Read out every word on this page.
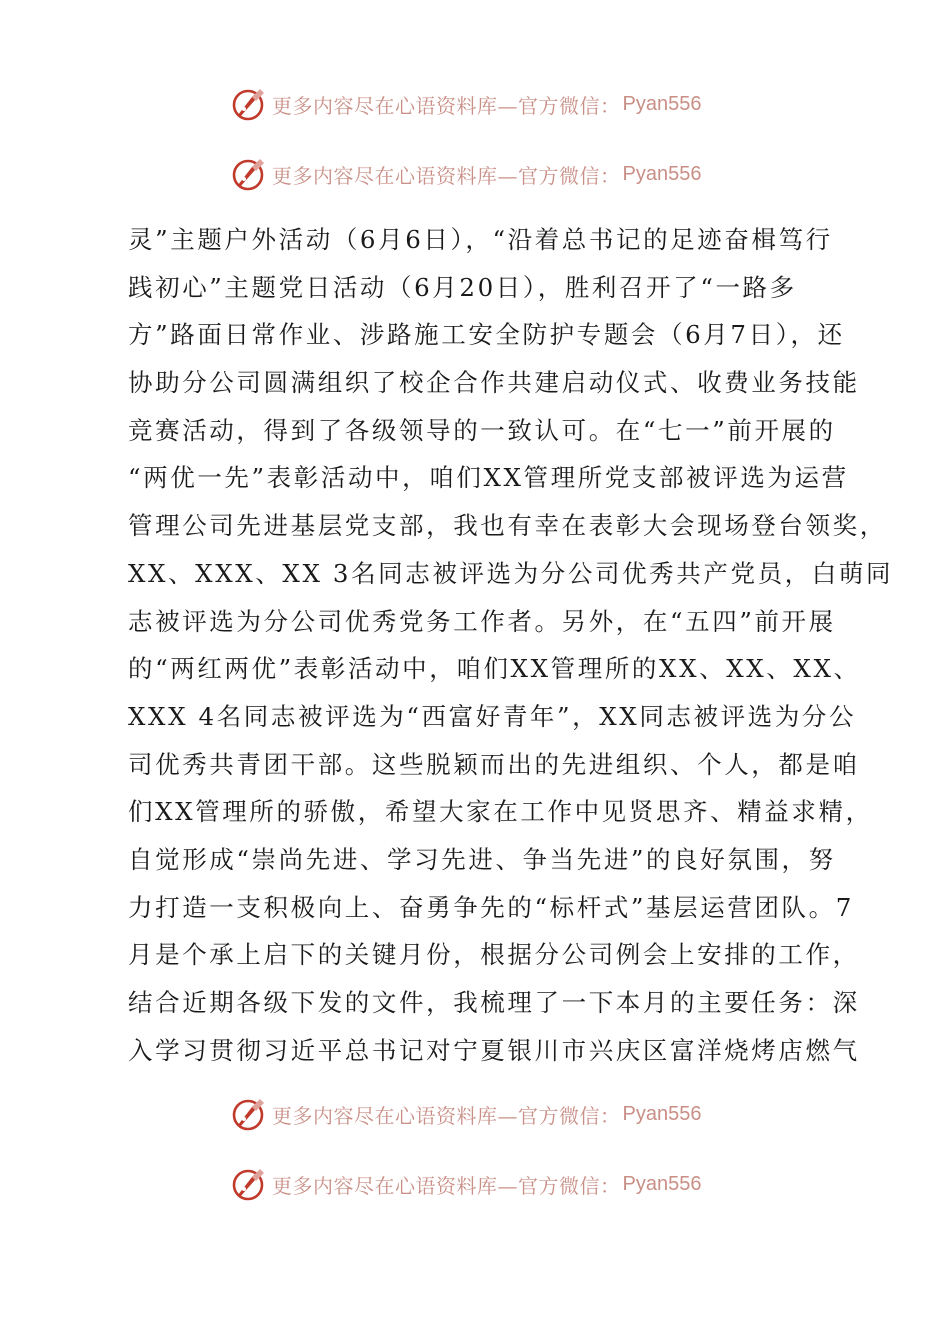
更多内容尽在心语资料库—官方微信： Pyan556
更多内容尽在心语资料库—官方微信： Pyan556
灵”主题户外活动（6月6日），“沿着总书记的足迹奋楫笃行
践初心”主题党日活动（6月20日），胜利召开了“一路多
方”路面日常作业、涉路施工安全防护专题会（6月7日），还
协助分公司圆满组织了校企合作共建启动仪式、收费业务技能
竞赛活动，得到了各级领导的一致认可。在“七一”前开展的
“两优一先”表彰活动中，咱们XX管理所党支部被评选为运营
管理公司先进基层党支部，我也有幸在表彰大会现场登台领奖，
XX、XXX、XX 3名同志被评选为分公司优秀共产党员，白萌同
志被评选为分公司优秀党务工作者。另外，在“五四”前开展
的“两红两优”表彰活动中，咱们XX管理所的XX、XX、XX、
XXX 4名同志被评选为“西富好青年”，XX同志被评选为分公
司优秀共青团干部。这些脱颖而出的先进组织、个人，都是咱
们XX管理所的骄傲，希望大家在工作中见贤思齐、精益求精，
自觉形成“崇尚先进、学习先进、争当先进”的良好氛围，努
力打造一支积极向上、奋勇争先的“标杆式”基层运营团队。7
月是个承上启下的关键月份，根据分公司例会上安排的工作，
结合近期各级下发的文件，我梳理了一下本月的主要任务：深
入学习贯彻习近平总书记对宁夏银川市兴庆区富洋烧烤店燃气
更多内容尽在心语资料库—官方微信： Pyan556
更多内容尽在心语资料库—官方微信： Pyan556
